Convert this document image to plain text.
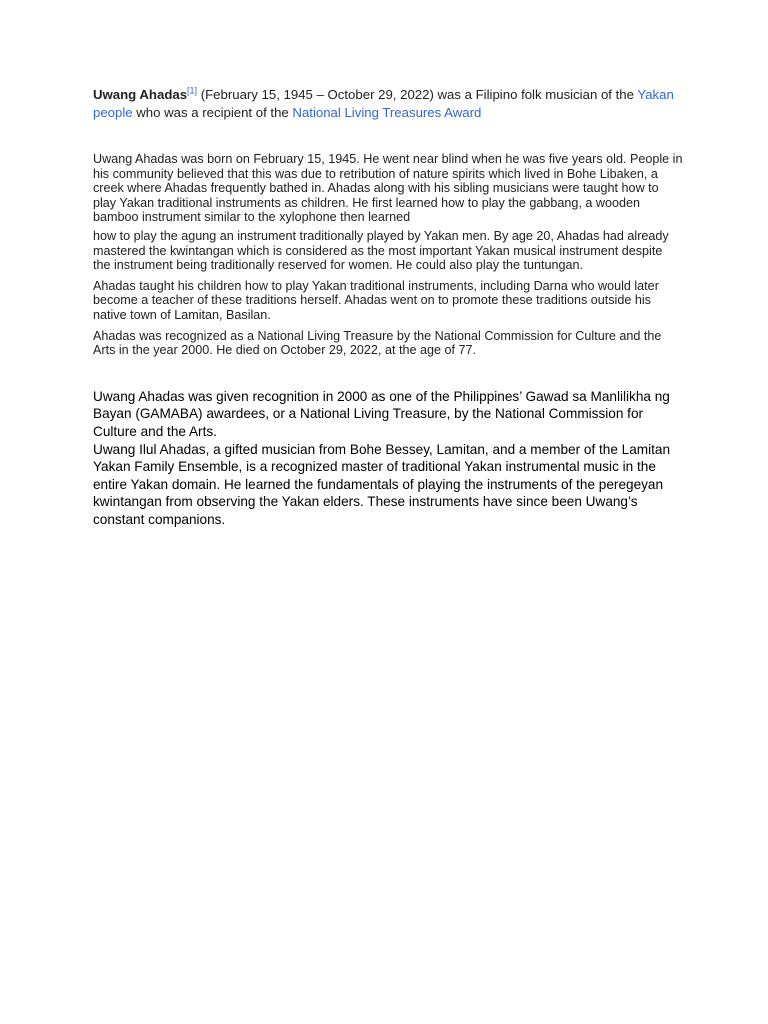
Uwang Ahadas[1] (February 15, 1945 – October 29, 2022) was a Filipino folk musician of the Yakan people who was a recipient of the National Living Treasures Award

Uwang Ahadas was born on February 15, 1945. He went near blind when he was five years old. People in his community believed that this was due to retribution of nature spirits which lived in Bohe Libaken, a creek where Ahadas frequently bathed in. Ahadas along with his sibling musicians were taught how to play Yakan traditional instruments as children. He first learned how to play the gabbang, a wooden bamboo instrument similar to the xylophone then learned

how to play the agung an instrument traditionally played by Yakan men. By age 20, Ahadas had already mastered the kwintangan which is considered as the most important Yakan musical instrument despite the instrument being traditionally reserved for women. He could also play the tuntungan.

Ahadas taught his children how to play Yakan traditional instruments, including Darna who would later become a teacher of these traditions herself. Ahadas went on to promote these traditions outside his native town of Lamitan, Basilan.

Ahadas was recognized as a National Living Treasure by the National Commission for Culture and the Arts in the year 2000. He died on October 29, 2022, at the age of 77.

Uwang Ahadas was given recognition in 2000 as one of the Philippines’ Gawad sa Manlilikha ng Bayan (GAMABA) awardees, or a National Living Treasure, by the National Commission for Culture and the Arts.

Uwang Ilul Ahadas, a gifted musician from Bohe Bessey, Lamitan, and a member of the Lamitan Yakan Family Ensemble, is a recognized master of traditional Yakan instrumental music in the entire Yakan domain. He learned the fundamentals of playing the instruments of the peregeyan kwintangan from observing the Yakan elders. These instruments have since been Uwang’s constant companions.
